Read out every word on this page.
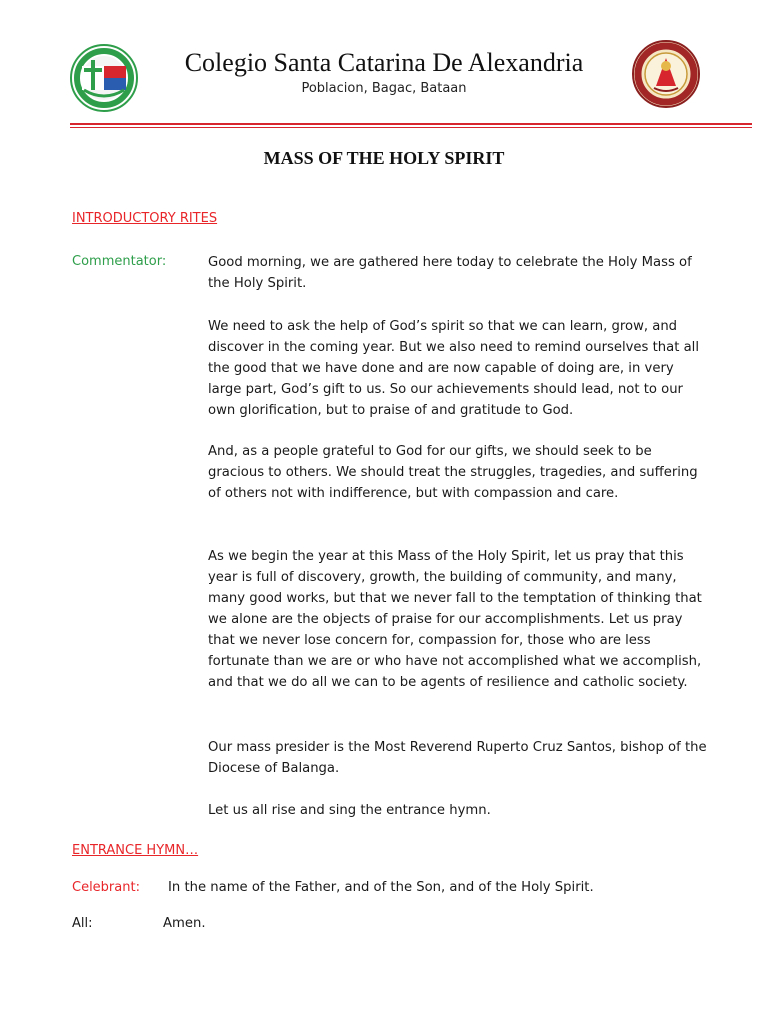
Colegio Santa Catarina De Alexandria
Poblacion, Bagac, Bataan
MASS OF THE HOLY SPIRIT
INTRODUCTORY RITES
Commentator:	Good morning, we are gathered here today to celebrate the Holy Mass of the Holy Spirit.

We need to ask the help of God’s spirit so that we can learn, grow, and discover in the coming year. But we also need to remind ourselves that all the good that we have done and are now capable of doing are, in very large part, God’s gift to us. So our achievements should lead, not to our own glorification, but to praise of and gratitude to God.

And, as a people grateful to God for our gifts, we should seek to be gracious to others. We should treat the struggles, tragedies, and suffering of others not with indifference, but with compassion and care.

As we begin the year at this Mass of the Holy Spirit, let us pray that this year is full of discovery, growth, the building of community, and many, many good works, but that we never fall to the temptation of thinking that we alone are the objects of praise for our accomplishments. Let us pray that we never lose concern for, compassion for, those who are less fortunate than we are or who have not accomplished what we accomplish, and that we do all we can to be agents of resilience and catholic society.

Our mass presider is the Most Reverend Ruperto Cruz Santos, bishop of the Diocese of Balanga.

Let us all rise and sing the entrance hymn.

ENTRANCE HYMN…
Celebrant: In the name of the Father, and of the Son, and of the Holy Spirit.
All:	Amen.
